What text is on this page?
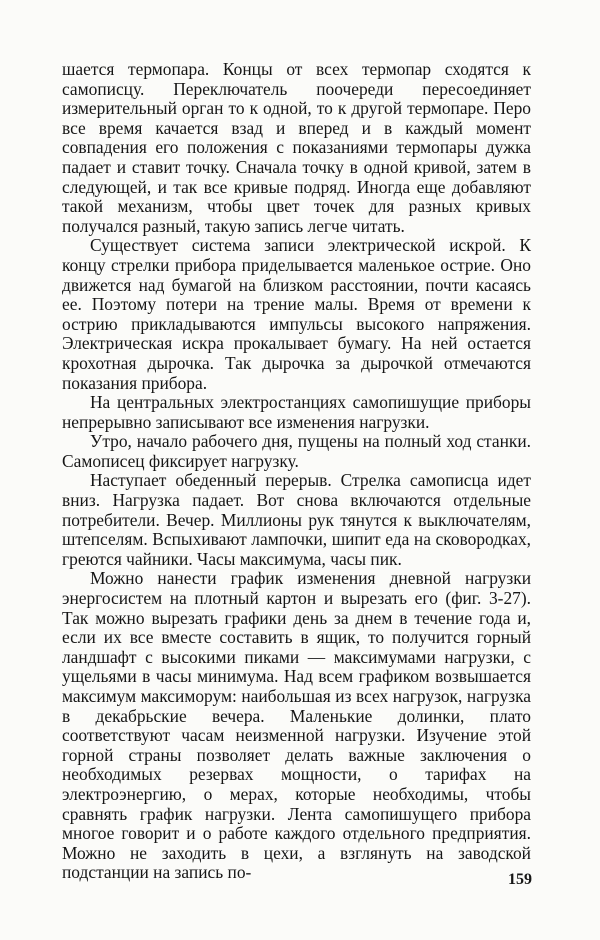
шается термопара. Концы от всех термопар сходятся к самописцу. Переключатель поочереди пересоединяет измерительный орган то к одной, то к другой термопаре. Перо все время качается взад и вперед и в каждый момент совпадения его положения с показаниями термопары дужка падает и ставит точку. Сначала точку в одной кривой, затем в следующей, и так все кривые подряд. Иногда еще добавляют такой механизм, чтобы цвет точек для разных кривых получался разный, такую запись легче читать.

Существует система записи электрической искрой. К концу стрелки прибора приделывается маленькое острие. Оно движется над бумагой на близком расстоянии, почти касаясь ее. Поэтому потери на трение малы. Время от времени к острию прикладываются импульсы высокого напряжения. Электрическая искра прокалывает бумагу. На ней остается крохотная дырочка. Так дырочка за дырочкой отмечаются показания прибора.

На центральных электростанциях самопишущие приборы непрерывно записывают все изменения нагрузки.

Утро, начало рабочего дня, пущены на полный ход станки. Самописец фиксирует нагрузку.

Наступает обеденный перерыв. Стрелка самописца идет вниз. Нагрузка падает. Вот снова включаются отдельные потребители. Вечер. Миллионы рук тянутся к выключателям, штепселям. Вспыхивают лампочки, шипит еда на сковородках, греются чайники. Часы максимума, часы пик.

Можно нанести график изменения дневной нагрузки энергосистем на плотный картон и вырезать его (фиг. 3-27). Так можно вырезать графики день за днем в течение года и, если их все вместе составить в ящик, то получится горный ландшафт с высокими пиками — максимумами нагрузки, с ущельями в часы минимума. Над всем графиком возвышается максимум максиморум: наибольшая из всех нагрузок, нагрузка в декабрьские вечера. Маленькие долинки, плато соответствуют часам неизменной нагрузки. Изучение этой горной страны позволяет делать важные заключения о необходимых резервах мощности, о тарифах на электроэнергию, о мерах, которые необходимы, чтобы сравнять график нагрузки. Лента самопишущего прибора многое говорит и о работе каждого отдельного предприятия. Можно не заходить в цехи, а взглянуть на заводской подстанции на запись по-	159
